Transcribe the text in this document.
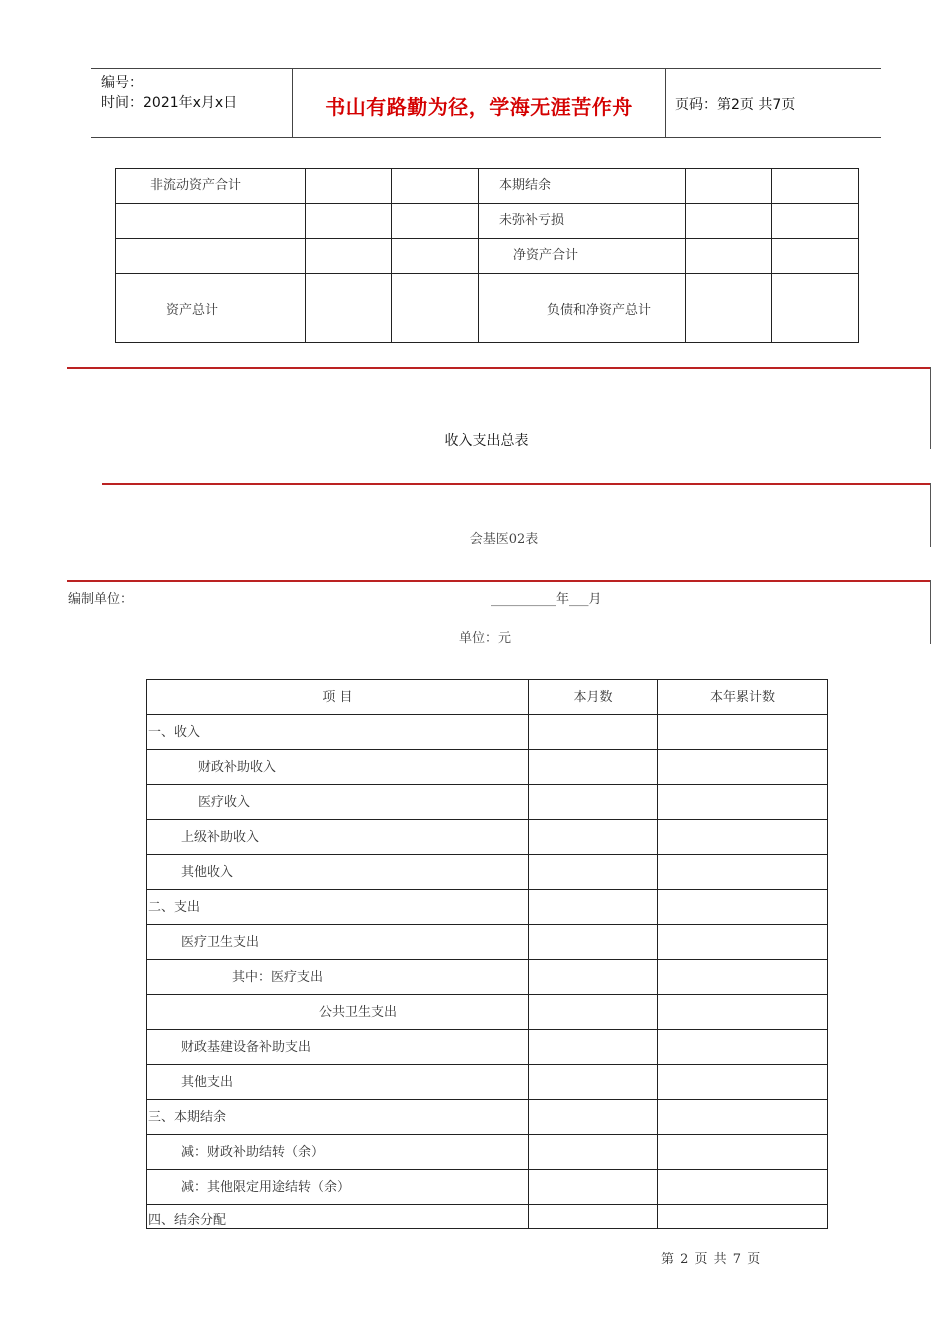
编号：
时间：2021年x月x日	书山有路勤为径，学海无涯苦作舟	页码：第2页 共7页
非流动资产合计			本期结余		
			未弥补亏损		
			净资产合计		
资产总计			负债和净资产总计		
收入支出总表
会基医02表
编制单位：	__________年___月
单位：元
项 目	本月数	本年累计数
一、收入		
财政补助收入		
医疗收入		
上级补助收入		
其他收入		
二、支出		
医疗卫生支出		
其中：医疗支出		
公共卫生支出		
财政基建设备补助支出		
其他支出		
三、本期结余		
减：财政补助结转（余）		
减：其他限定用途结转（余）		
四、结余分配		
第 2 页 共 7 页
